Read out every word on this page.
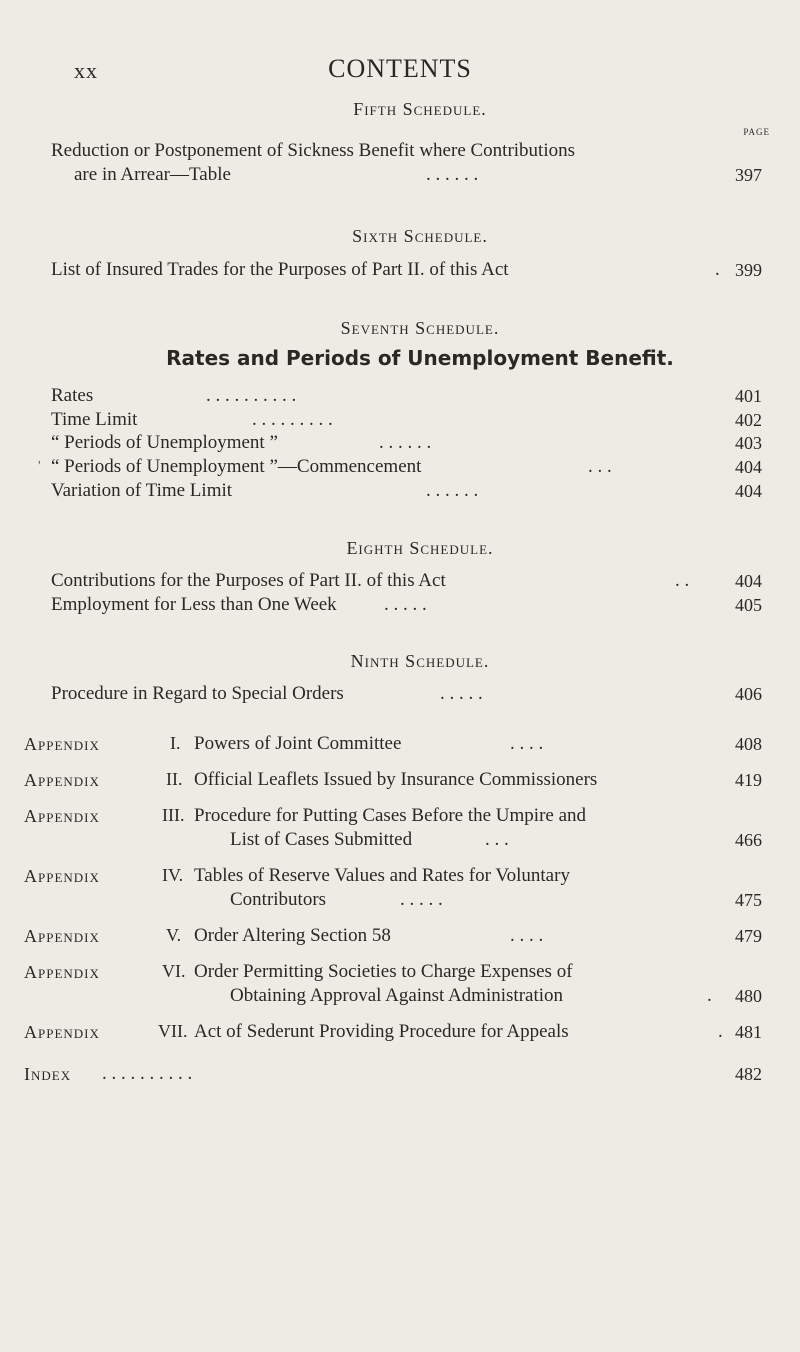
xx	CONTENTS
Fifth Schedule.
PAGE
Reduction or Postponement of Sickness Benefit where Contributions
are in Arrear—Table	. . . . . .	397
Sixth Schedule.
List of Insured Trades for the Purposes of Part II. of this Act	. 399
Seventh Schedule.
Rates and Periods of Unemployment Benefit.
Rates	. . . . . . . . . .	401
Time Limit	. . . . . . . . .	402
“ Periods of Unemployment ”	. . . . . .	403
' “ Periods of Unemployment ”—Commencement	. . .	404
Variation of Time Limit	. . . . . .	404
Eighth Schedule.
Contributions for the Purposes of Part II. of this Act	. .	404
Employment for Less than One Week . . . . .	405
Ninth Schedule.
Procedure in Regard to Special Orders	. . . . .	406
Appendix	I. Powers of Joint Committee	. . . .	408
Appendix	II. Official Leaflets Issued by Insurance Commissioners	419
Appendix	III. Procedure for Putting Cases Before the Umpire and
List of Cases Submitted	. . .	466
Appendix	IV. Tables of Reserve Values and Rates for Voluntary
Contributors	. . . . .	475
Appendix	V. Order Altering Section 58	. . . .	479
Appendix	VI. Order Permitting Societies to Charge Expenses of
Obtaining Approval Against Administration	. 480
Appendix	VII. Act of Sederunt Providing Procedure for Appeals	. 481
Index . . . . . . . . . .	482
